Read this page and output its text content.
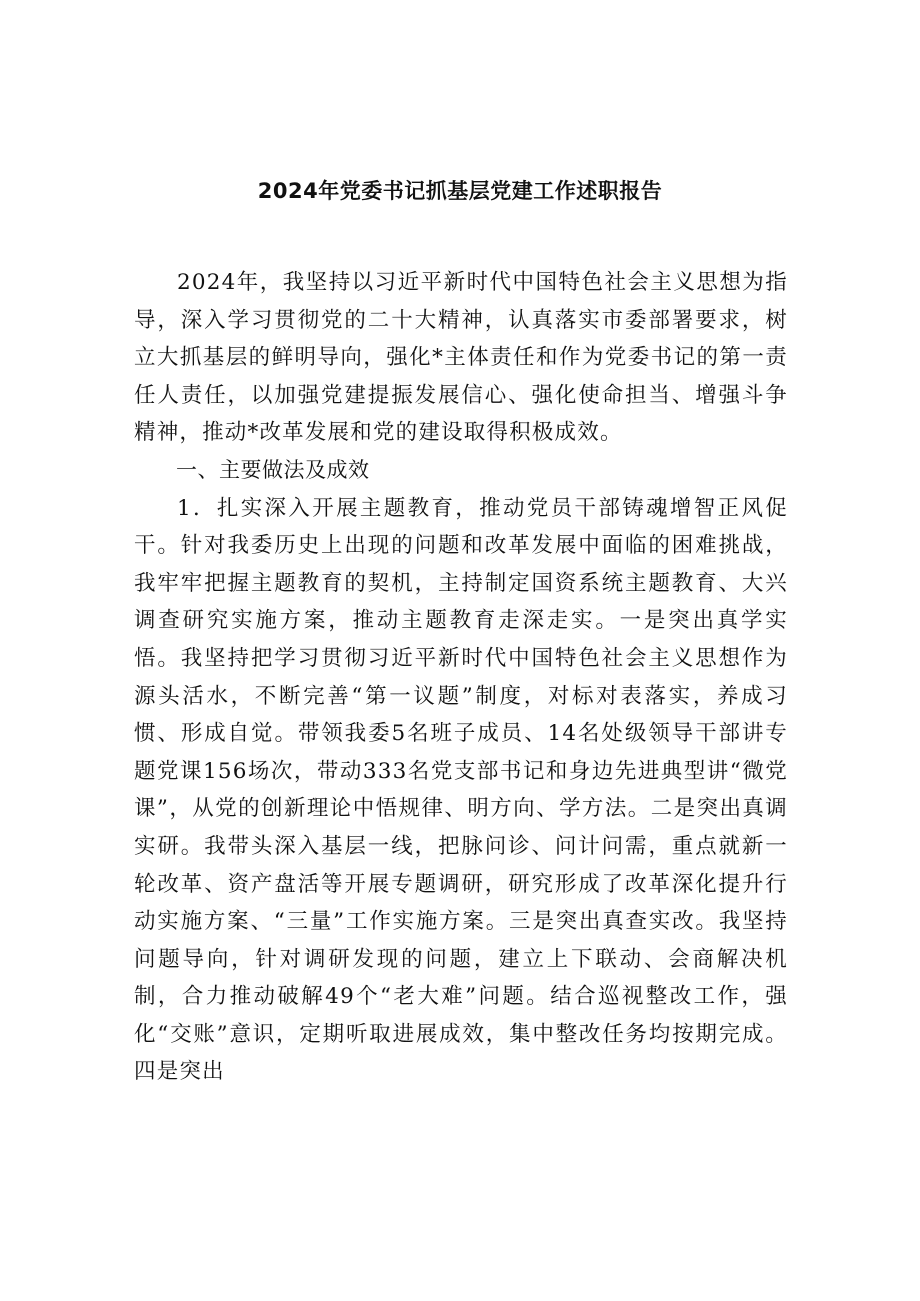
2024年党委书记抓基层党建工作述职报告

2024年，我坚持以习近平新时代中国特色社会主义思想为指导，深入学习贯彻党的二十大精神，认真落实市委部署要求，树立大抓基层的鲜明导向，强化*主体责任和作为党委书记的第一责任人责任，以加强党建提振发展信心、强化使命担当、增强斗争精神，推动*改革发展和党的建设取得积极成效。

一、主要做法及成效

1．扎实深入开展主题教育，推动党员干部铸魂增智正风促干。针对我委历史上出现的问题和改革发展中面临的困难挑战，我牢牢把握主题教育的契机，主持制定国资系统主题教育、大兴调查研究实施方案，推动主题教育走深走实。一是突出真学实悟。我坚持把学习贯彻习近平新时代中国特色社会主义思想作为源头活水，不断完善“第一议题”制度，对标对表落实，养成习惯、形成自觉。带领我委5名班子成员、14名处级领导干部讲专题党课156场次，带动333名党支部书记和身边先进典型讲“微党课”，从党的创新理论中悟规律、明方向、学方法。二是突出真调实研。我带头深入基层一线，把脉问诊、问计问需，重点就新一轮改革、资产盘活等开展专题调研，研究形成了改革深化提升行动实施方案、“三量”工作实施方案。三是突出真查实改。我坚持问题导向，针对调研发现的问题，建立上下联动、会商解决机制，合力推动破解49个“老大难”问题。结合巡视整改工作，强化“交账”意识，定期听取进展成效，集中整改任务均按期完成。四是突出
